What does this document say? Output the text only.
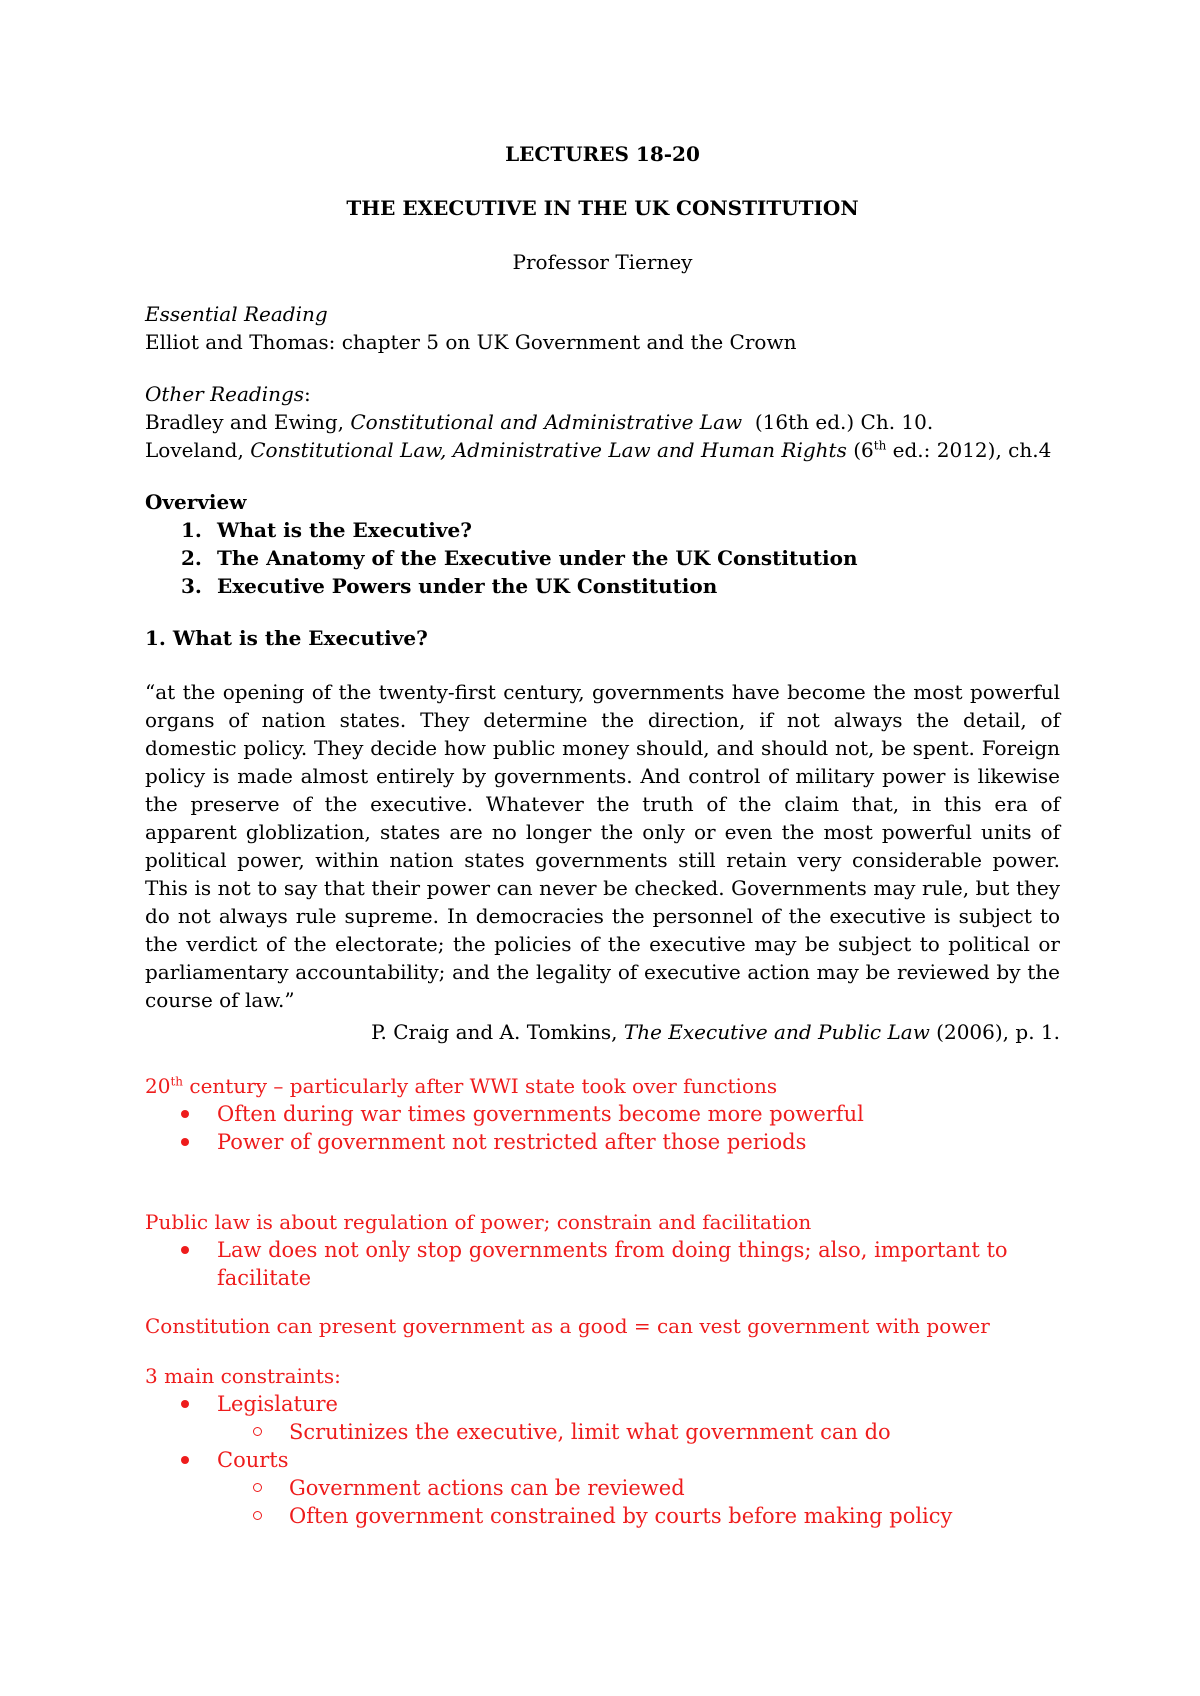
LECTURES 18-20

THE EXECUTIVE IN THE UK CONSTITUTION

Professor Tierney

Essential Reading

Elliot and Thomas: chapter 5 on UK Government and the Crown

Other Readings:

Bradley and Ewing, Constitutional and Administrative Law  (16th ed.) Ch. 10.

Loveland, Constitutional Law, Administrative Law and Human Rights (6th ed.: 2012), ch.4

Overview

1. What is the Executive?
2. The Anatomy of the Executive under the UK Constitution
3. Executive Powers under the UK Constitution

1. What is the Executive?

“at the opening of the twenty-first century, governments have become the most powerful organs of nation states. They determine the direction, if not always the detail, of domestic policy. They decide how public money should, and should not, be spent. Foreign policy is made almost entirely by governments. And control of military power is likewise the preserve of the executive. Whatever the truth of the claim that, in this era of apparent globlization, states are no longer the only or even the most powerful units of political power, within nation states governments still retain very considerable power. This is not to say that their power can never be checked. Governments may rule, but they do not always rule supreme. In democracies the personnel of the executive is subject to the verdict of the electorate; the policies of the executive may be subject to political or parliamentary accountability; and the legality of executive action may be reviewed by the course of law.”

P. Craig and A. Tomkins, The Executive and Public Law (2006), p. 1.

20th century – particularly after WWI state took over functions

Often during war times governments become more powerful
Power of government not restricted after those periods

Public law is about regulation of power; constrain and facilitation

Law does not only stop governments from doing things; also, important to facilitate

Constitution can present government as a good = can vest government with power

3 main constraints:

Legislature
Scrutinizes the executive, limit what government can do
Courts
Government actions can be reviewed
Often government constrained by courts before making policy
